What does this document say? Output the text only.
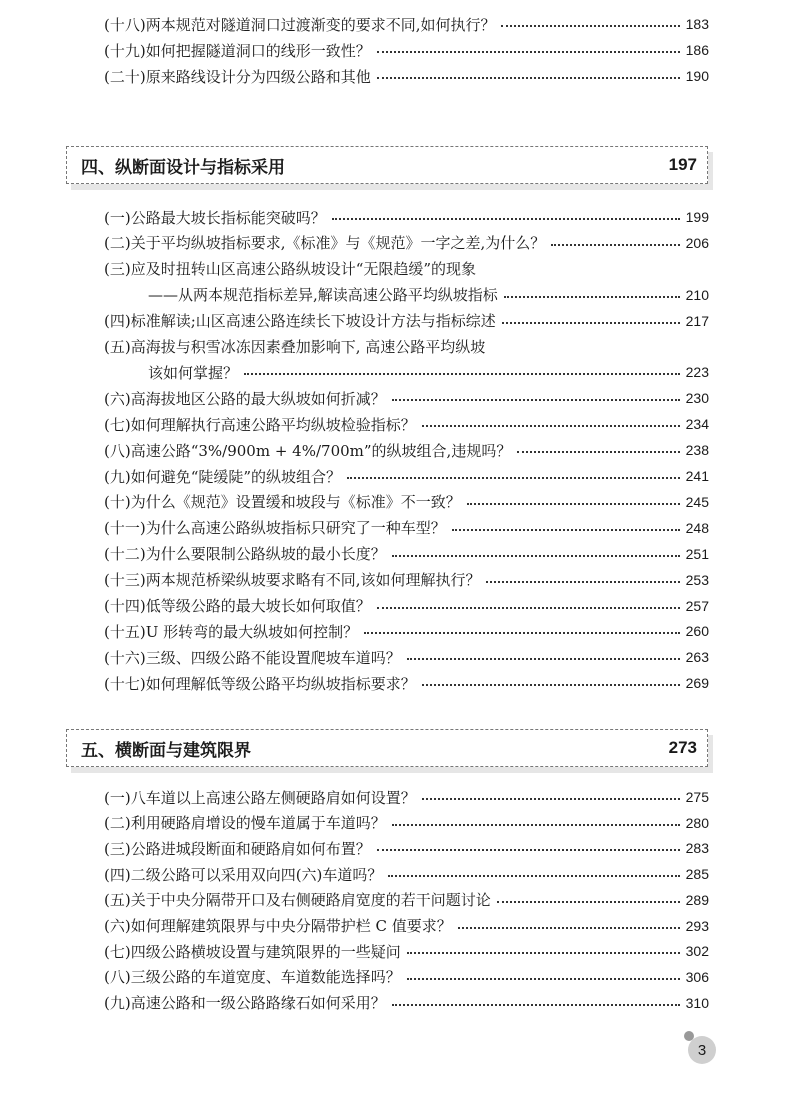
四、纵断面设计与指标采用	197
五、横断面与建筑限界	273
3
(十八)两本规范对隧道洞口过渡渐变的要求不同,如何执行？	183
(十九)如何把握隧道洞口的线形一致性？	186
(二十)原来路线设计分为四级公路和其他	190
(一)公路最大坡长指标能突破吗？	199
(二)关于平均纵坡指标要求,《标准》与《规范》一字之差,为什么？	206
(三)应及时扭转山区高速公路纵坡设计“无限趋缓”的现象
——从两本规范指标差异,解读高速公路平均纵坡指标	210
(四)标准解读;山区高速公路连续长下坡设计方法与指标综述	217
(五)高海拔与积雪冰冻因素叠加影响下, 高速公路平均纵坡
该如何掌握？	223
(六)高海拔地区公路的最大纵坡如何折减？	230
(七)如何理解执行高速公路平均纵坡检验指标？	234
(八)高速公路“3%/900m + 4%/700m”的纵坡组合,违规吗？	238
(九)如何避免“陡缓陡”的纵坡组合？	241
(十)为什么《规范》设置缓和坡段与《标准》不一致？	245
(十一)为什么高速公路纵坡指标只研究了一种车型？	248
(十二)为什么要限制公路纵坡的最小长度？	251
(十三)两本规范桥梁纵坡要求略有不同,该如何理解执行？	253
(十四)低等级公路的最大坡长如何取值？	257
(十五)U 形转弯的最大纵坡如何控制？	260
(十六)三级、四级公路不能设置爬坡车道吗？	263
(十七)如何理解低等级公路平均纵坡指标要求？	269
(一)八车道以上高速公路左侧硬路肩如何设置？	275
(二)利用硬路肩增设的慢车道属于车道吗？	280
(三)公路进城段断面和硬路肩如何布置？	283
(四)二级公路可以采用双向四(六)车道吗？	285
(五)关于中央分隔带开口及右侧硬路肩宽度的若干问题讨论	289
(六)如何理解建筑限界与中央分隔带护栏 C 值要求？	293
(七)四级公路横坡设置与建筑限界的一些疑问	302
(八)三级公路的车道宽度、车道数能选择吗？	306
(九)高速公路和一级公路路缘石如何采用？	310
